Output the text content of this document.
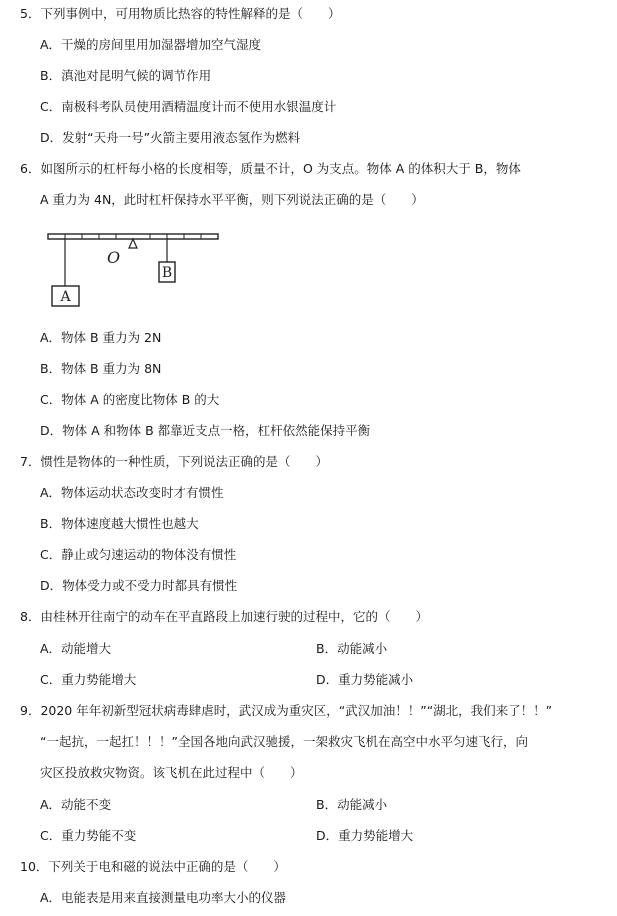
5．下列事例中，可用物质比热容的特性解释的是（　　）
A．干燥的房间里用加湿器增加空气湿度
B．滇池对昆明气候的调节作用
C．南极科考队员使用酒精温度计而不使用水银温度计
D．发射“天舟一号”火箭主要用液态氢作为燃料
6．如图所示的杠杆每小格的长度相等，质量不计，O 为支点。物体 A 的体积大于 B，物体
A 重力为 4N，此时杠杆保持水平平衡，则下列说法正确的是（　　）
O
A
B
A．物体 B 重力为 2N
B．物体 B 重力为 8N
C．物体 A 的密度比物体 B 的大
D．物体 A 和物体 B 都靠近支点一格，杠杆依然能保持平衡
7．惯性是物体的一种性质，下列说法正确的是（　　）
A．物体运动状态改变时才有惯性
B．物体速度越大惯性也越大
C．静止或匀速运动的物体没有惯性
D．物体受力或不受力时都具有惯性
8．由桂林开往南宁的动车在平直路段上加速行驶的过程中，它的（　　）
A．动能增大	B．动能减小
C．重力势能增大	D．重力势能减小
9．2020 年年初新型冠状病毒肆虐时，武汉成为重灾区，“武汉加油！！”“湖北，我们来了！！”
“一起抗，一起扛！！！”全国各地向武汉驰援，一架救灾飞机在高空中水平匀速飞行，向
灾区投放救灾物资。该飞机在此过程中（　　）
A．动能不变	B．动能减小
C．重力势能不变	D．重力势能增大
10．下列关于电和磁的说法中正确的是（　　）
A．电能表是用来直接测量电功率大小的仪器
